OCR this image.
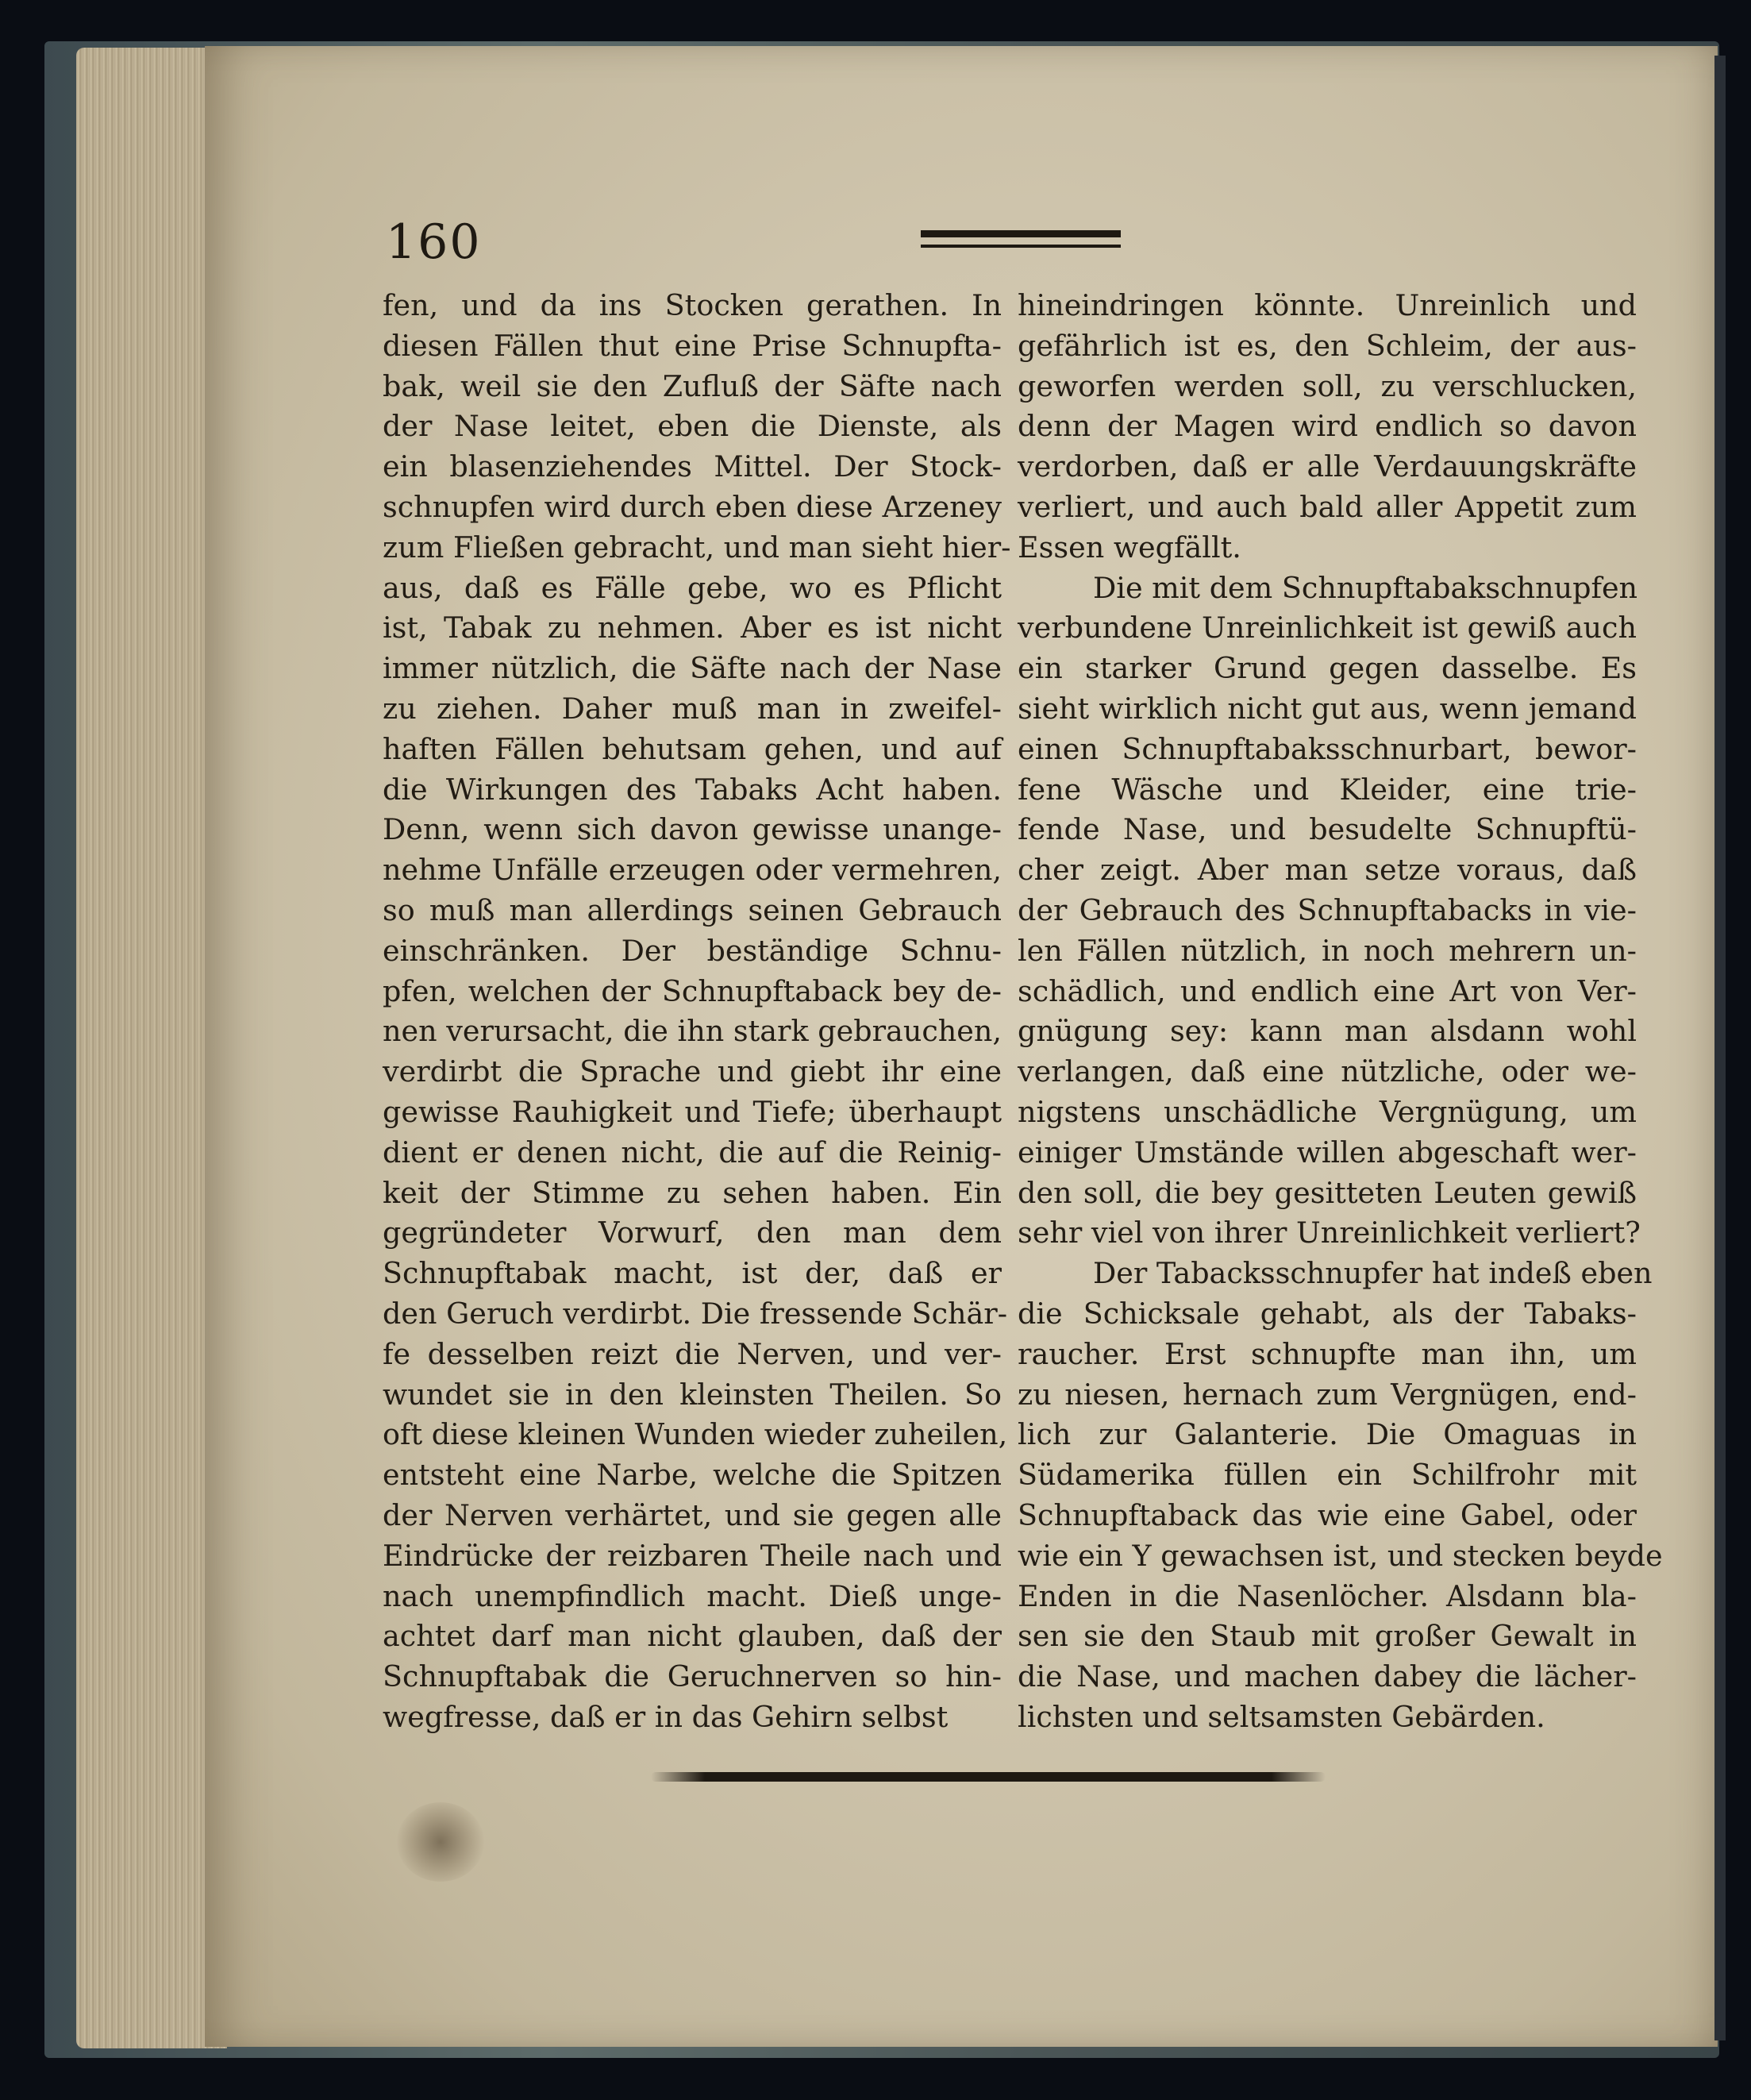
160
fen, und da ins Stocken gerathen. In
diesen Fällen thut eine Prise Schnupfta-
bak, weil sie den Zufluß der Säfte nach
der Nase leitet, eben die Dienste, als
ein blasenziehendes Mittel. Der Stock-
schnupfen wird durch eben diese Arzeney
zum Fließen gebracht, und man sieht hier-
aus, daß es Fälle gebe, wo es Pflicht
ist, Tabak zu nehmen. Aber es ist nicht
immer nützlich, die Säfte nach der Nase
zu ziehen. Daher muß man in zweifel-
haften Fällen behutsam gehen, und auf
die Wirkungen des Tabaks Acht haben.
Denn, wenn sich davon gewisse unange-
nehme Unfälle erzeugen oder vermehren,
so muß man allerdings seinen Gebrauch
einschränken. Der beständige Schnu-
pfen, welchen der Schnupftaback bey de-
nen verursacht, die ihn stark gebrauchen,
verdirbt die Sprache und giebt ihr eine
gewisse Rauhigkeit und Tiefe; überhaupt
dient er denen nicht, die auf die Reinig-
keit der Stimme zu sehen haben. Ein
gegründeter Vorwurf, den man dem
Schnupftabak macht, ist der, daß er
den Geruch verdirbt. Die fressende Schär-
fe desselben reizt die Nerven, und ver-
wundet sie in den kleinsten Theilen. So
oft diese kleinen Wunden wieder zuheilen,
entsteht eine Narbe, welche die Spitzen
der Nerven verhärtet, und sie gegen alle
Eindrücke der reizbaren Theile nach und
nach unempfindlich macht. Dieß unge-
achtet darf man nicht glauben, daß der
Schnupftabak die Geruchnerven so hin-
wegfresse, daß er in das Gehirn selbst
hineindringen könnte. Unreinlich und
gefährlich ist es, den Schleim, der aus-
geworfen werden soll, zu verschlucken,
denn der Magen wird endlich so davon
verdorben, daß er alle Verdauungskräfte
verliert, und auch bald aller Appetit zum
Essen wegfällt.
Die mit dem Schnupftabakschnupfen
verbundene Unreinlichkeit ist gewiß auch
ein starker Grund gegen dasselbe. Es
sieht wirklich nicht gut aus, wenn jemand
einen Schnupftabaksschnurbart, bewor-
fene Wäsche und Kleider, eine trie-
fende Nase, und besudelte Schnupftü-
cher zeigt. Aber man setze voraus, daß
der Gebrauch des Schnupftabacks in vie-
len Fällen nützlich, in noch mehrern un-
schädlich, und endlich eine Art von Ver-
gnügung sey: kann man alsdann wohl
verlangen, daß eine nützliche, oder we-
nigstens unschädliche Vergnügung, um
einiger Umstände willen abgeschaft wer-
den soll, die bey gesitteten Leuten gewiß
sehr viel von ihrer Unreinlichkeit verliert?
Der Tabacksschnupfer hat indeß eben
die Schicksale gehabt, als der Tabaks-
raucher. Erst schnupfte man ihn, um
zu niesen, hernach zum Vergnügen, end-
lich zur Galanterie. Die Omaguas in
Südamerika füllen ein Schilfrohr mit
Schnupftaback das wie eine Gabel, oder
wie ein Y gewachsen ist, und stecken beyde
Enden in die Nasenlöcher. Alsdann bla-
sen sie den Staub mit großer Gewalt in
die Nase, und machen dabey die lächer-
lichsten und seltsamsten Gebärden.
